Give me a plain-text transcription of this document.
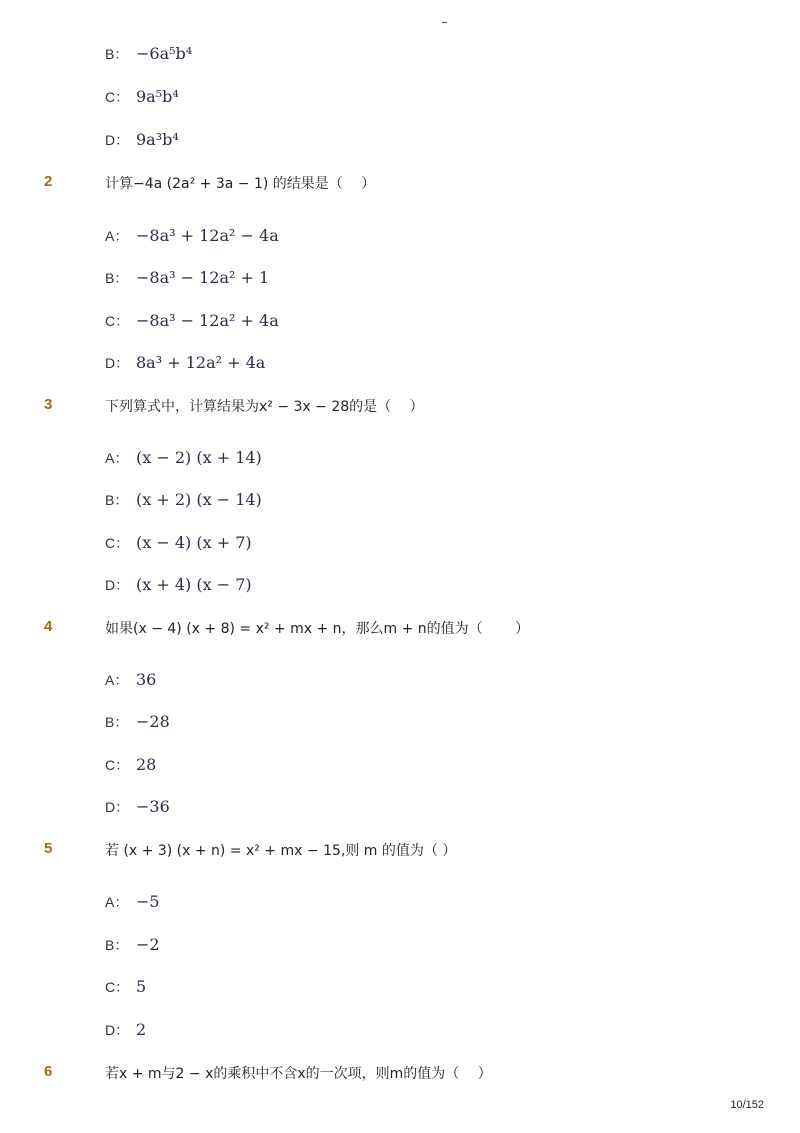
B： −6a⁵b⁴
C： 9a⁵b⁴
D： 9a³b⁴
2	计算−4a (2a² + 3a − 1) 的结果是（　 ）
A： −8a³ + 12a² − 4a
B： −8a³ − 12a² + 1
C： −8a³ − 12a² + 4a
D： 8a³ + 12a² + 4a
3	下列算式中，计算结果为x² − 3x − 28的是（　 ）
A： (x − 2) (x + 14)
B： (x + 2) (x − 14)
C： (x − 4) (x + 7)
D： (x + 4) (x − 7)
4	如果(x − 4) (x + 8) = x² + mx + n，那么m + n的值为（　　 ）
A： 36
B： −28
C： 28
D： −36
5	若 (x + 3) (x + n) = x² + mx − 15,则 m 的值为（ ）
A： −5
B： −2
C： 5
D： 2
6	若x + m与2 − x的乘积中不含x的一次项，则m的值为（　 ）
10/152
